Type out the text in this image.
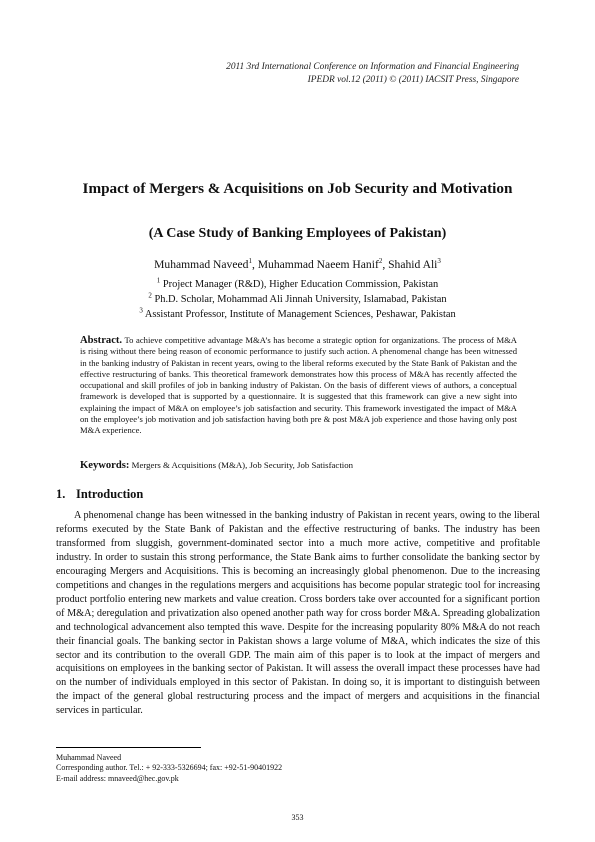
2011 3rd International Conference on Information and Financial Engineering
IPEDR vol.12 (2011) © (2011) IACSIT Press, Singapore
Impact of Mergers & Acquisitions on Job Security and Motivation
(A Case Study of Banking Employees of Pakistan)
Muhammad Naveed$^1$, Muhammad Naeem Hanif$^2$, Shahid Ali$^3$
$^1$ Project Manager (R&D), Higher Education Commission, Pakistan
$^2$ Ph.D. Scholar, Mohammad Ali Jinnah University, Islamabad, Pakistan
$^3$ Assistant Professor, Institute of Management Sciences, Peshawar, Pakistan
Abstract. To achieve competitive advantage M&A’s has become a strategic option for organizations. The process of M&A is rising without there being reason of economic performance to justify such action. A phenomenal change has been witnessed in the banking industry of Pakistan in recent years, owing to the liberal reforms executed by the State Bank of Pakistan and the effective restructuring of banks. This theoretical framework demonstrates how this process of M&A has recently affected the occupational and skill profiles of job in banking industry of Pakistan. On the basis of different views of authors, a conceptual framework is developed that is supported by a questionnaire. It is suggested that this framework can give a new sight into explaining the impact of M&A on employee’s job satisfaction and security. This framework investigated the impact of M&A on the employee’s job motivation and job satisfaction having both pre & post M&A job experience and those having only post M&A experience.
Keywords: Mergers & Acquisitions (M&A), Job Security, Job Satisfaction
1. Introduction

A phenomenal change has been witnessed in the banking industry of Pakistan in recent years, owing to the liberal reforms executed by the State Bank of Pakistan and the effective restructuring of banks. The industry has been transformed from sluggish, government-dominated sector into a much more active, competitive and profitable industry. In order to sustain this strong performance, the State Bank aims to further consolidate the banking sector by encouraging Mergers and Acquisitions. This is becoming an increasingly global phenomenon. Due to the increasing competitions and changes in the regulations mergers and acquisitions has become popular strategic tool for increasing product portfolio entering new markets and value creation. Cross borders take over accounted for a significant portion of M&A; deregulation and privatization also opened another path way for cross border M&A. Spreading globalization and technological advancement also tempted this wave. Despite for the increasing popularity 80% M&A do not reach their financial goals. The banking sector in Pakistan shows a large volume of M&A, which indicates the size of this sector and its contribution to the overall GDP. The main aim of this paper is to look at the impact of mergers and acquisitions on employees in the banking sector of Pakistan. It will assess the overall impact these processes have had on the number of individuals employed in this sector of Pakistan. In doing so, it is important to distinguish between the impact of the general global restructuring process and the impact of mergers and acquisitions in the financial services in particular.

Muhammad Naveed
Corresponding author. Tel.: + 92-333-5326694; fax: +92-51-90401922
E-mail address: mnaveed@hec.gov.pk
353
